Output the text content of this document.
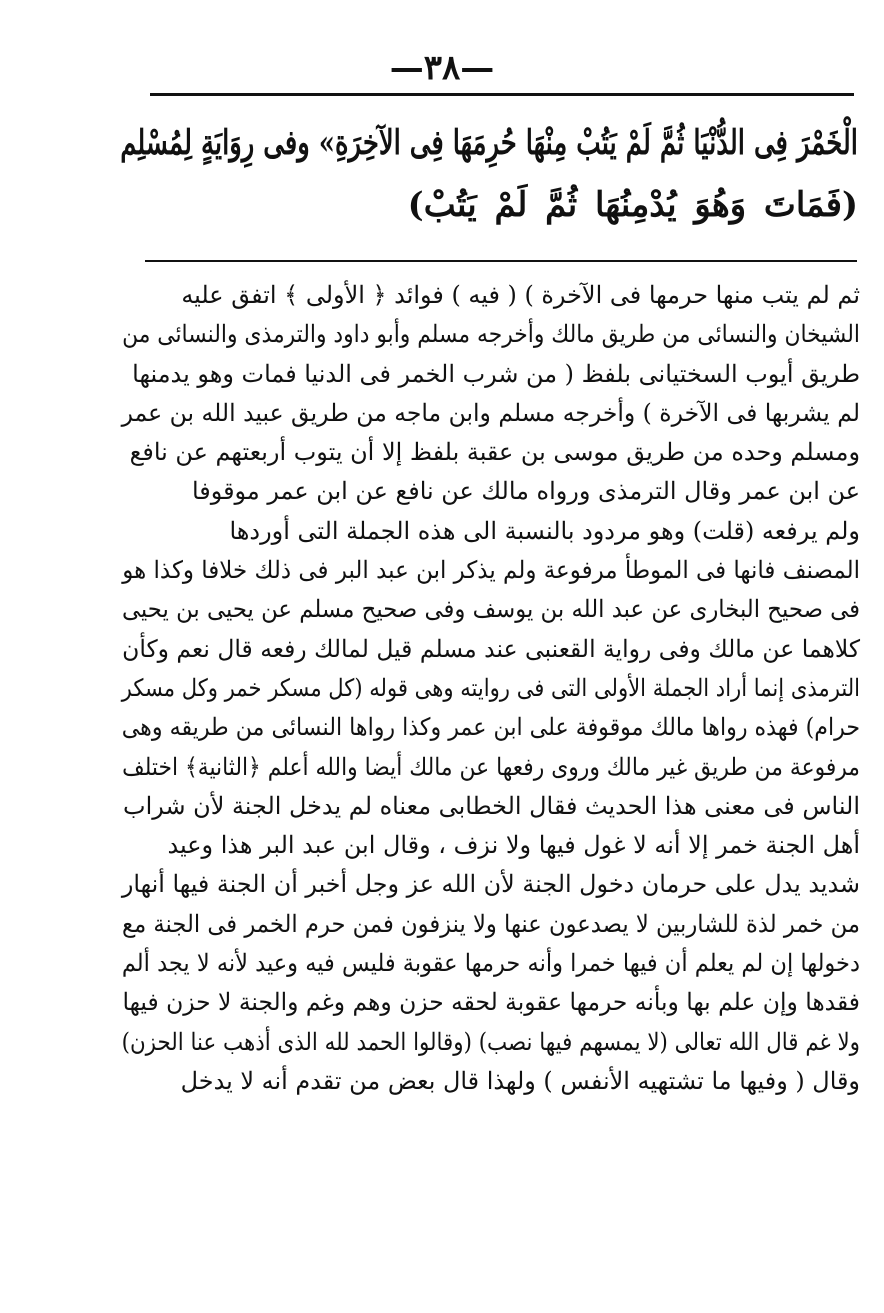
—٣٨—
الْخَمْرَ فِى الدُّنْيَا ثُمَّ لَمْ يَتُبْ مِنْهَا حُرِمَهَا فِى الآخِرَةِ» وفى رِوَايَةٍ لِمُسْلِم
(فَمَاتَ وَهُوَ يُدْمِنُهَا ثُمَّ لَمْ يَتُبْ)
ثم لم يتب منها حرمها فى الآخرة ) ( فيه ) فوائد ﴿ الأولى ﴾ اتفق عليه
الشيخان والنسائى من طريق مالك وأخرجه مسلم وأبو داود والترمذى والنسائى من
طريق أيوب السختيانى بلفظ ( من شرب الخمر فى الدنيا فمات وهو يدمنها
لم يشربها فى الآخرة ) وأخرجه مسلم وابن ماجه من طريق عبيد الله بن عمر
ومسلم وحده من طريق موسى بن عقبة بلفظ إلا أن يتوب أربعتهم عن نافع
عن ابن عمر وقال الترمذى ورواه مالك عن نافع عن ابن عمر موقوفا
ولم يرفعه (قلت) وهو مردود بالنسبة الى هذه الجملة التى أوردها
المصنف فانها فى الموطأ مرفوعة ولم يذكر ابن عبد البر فى ذلك خلافا وكذا هو
فى صحيح البخارى عن عبد الله بن يوسف وفى صحيح مسلم عن يحيى بن يحيى
كلاهما عن مالك وفى رواية القعنبى عند مسلم قيل لمالك رفعه قال نعم وكأن
الترمذى إنما أراد الجملة الأولى التى فى روايته وهى قوله (كل مسكر خمر وكل مسكر
حرام) فهذه رواها مالك موقوفة على ابن عمر وكذا رواها النسائى من طريقه وهى
مرفوعة من طريق غير مالك وروى رفعها عن مالك أيضا والله أعلم ﴿الثانية﴾ اختلف
الناس فى معنى هذا الحديث فقال الخطابى معناه لم يدخل الجنة لأن شراب
أهل الجنة خمر إلا أنه لا غول فيها ولا نزف ، وقال ابن عبد البر هذا وعيد
شديد يدل على حرمان دخول الجنة لأن الله عز وجل أخبر أن الجنة فيها أنهار
من خمر لذة للشاربين لا يصدعون عنها ولا ينزفون فمن حرم الخمر فى الجنة مع
دخولها إن لم يعلم أن فيها خمرا وأنه حرمها عقوبة فليس فيه وعيد لأنه لا يجد ألم
فقدها وإن علم بها وبأنه حرمها عقوبة لحقه حزن وهم وغم والجنة لا حزن فيها
ولا غم قال الله تعالى (لا يمسهم فيها نصب) (وقالوا الحمد لله الذى أذهب عنا الحزن)
وقال ( وفيها ما تشتهيه الأنفس ) ولهذا قال بعض من تقدم أنه لا يدخل
